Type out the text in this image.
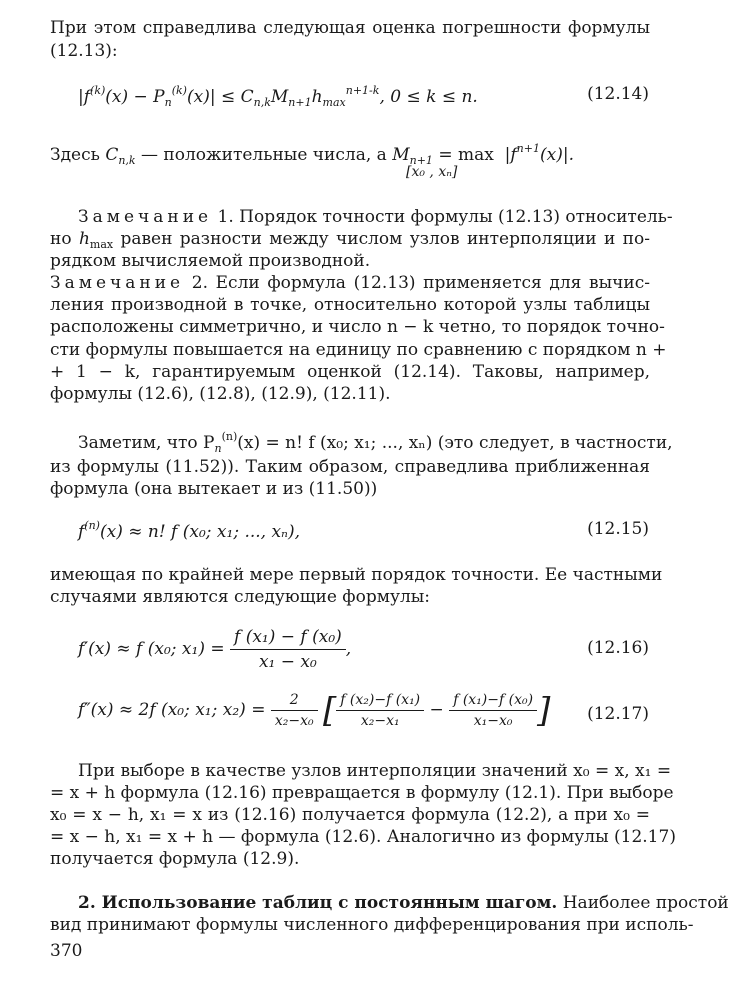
При этом справедлива следующая оценка погрешности формулы
(12.13):
$|f^{(k)}(x) - P_n^{(k)}(x)| \le C_{n,k}M_{n+1}h_{max}^{n+1-k}$, 0 ≤ k ≤ n.	(12.14)
Здесь $C_{n,k}$ — положительные числа, а $M_{n+1} = \max |f^{n+1}(x)|$.
[x₀ , xₙ]
Замечание 1. Порядок точности формулы (12.13) относитель-
но $h_{max}$ равен разности между числом узлов интерполяции и по-
рядком вычисляемой производной.
Замечание 2. Если формула (12.13) применяется для вычис-
ления производной в точке, относительно которой узлы таблицы
расположены симметрично, и число n − k четно, то порядок точно-
сти формулы повышается на единицу по сравнению с порядком n +
+ 1 − k, гарантируемым оценкой (12.14). Таковы, например,
формулы (12.6), (12.8), (12.9), (12.11).
Заметим, что $P_n^{(n)}(x) = n$! f (x₀; x₁; ..., xₙ) (это следует, в частности,
из формулы (11.52)). Таким образом, справедлива приближенная
формула (она вытекает и из (11.50))
$f^{(n)}(x) \approx n$! f (x₀; x₁; ..., xₙ),	(12.15)
имеющая по крайней мере первый порядок точности. Ее частными
случаями являются следующие формулы:
f′(x) ≈ f (x₀; $x_1) = \frac{\text{f (x₁) − f (x₀)}}{\text{x₁ − x₀}}$ ,	(12.16)
f″(x) ≈ 2f (x₀; x₁; $x_2) = \frac{2}{\text{x₂−x₀}}$ [ $\frac{\text{f (x₂)−f (x₁)}}{\text{x₂−x₁}} - \frac{\text{f (x₁)−f (x₀)}}{\text{x₁−x₀}}$ ] (12.17)
При выборе в качестве узлов интерполяции значений x₀ = x, x₁ =
= x + h формула (12.16) превращается в формулу (12.1). При выборе
x₀ = x − h, x₁ = x из (12.16) получается формула (12.2), а при x₀ =
= x − h, x₁ = x + h — формула (12.6). Аналогично из формулы (12.17)
получается формула (12.9).
2. Использование таблиц с постоянным шагом. Наиболее простой
вид принимают формулы численного дифференцирования при исполь-
370
